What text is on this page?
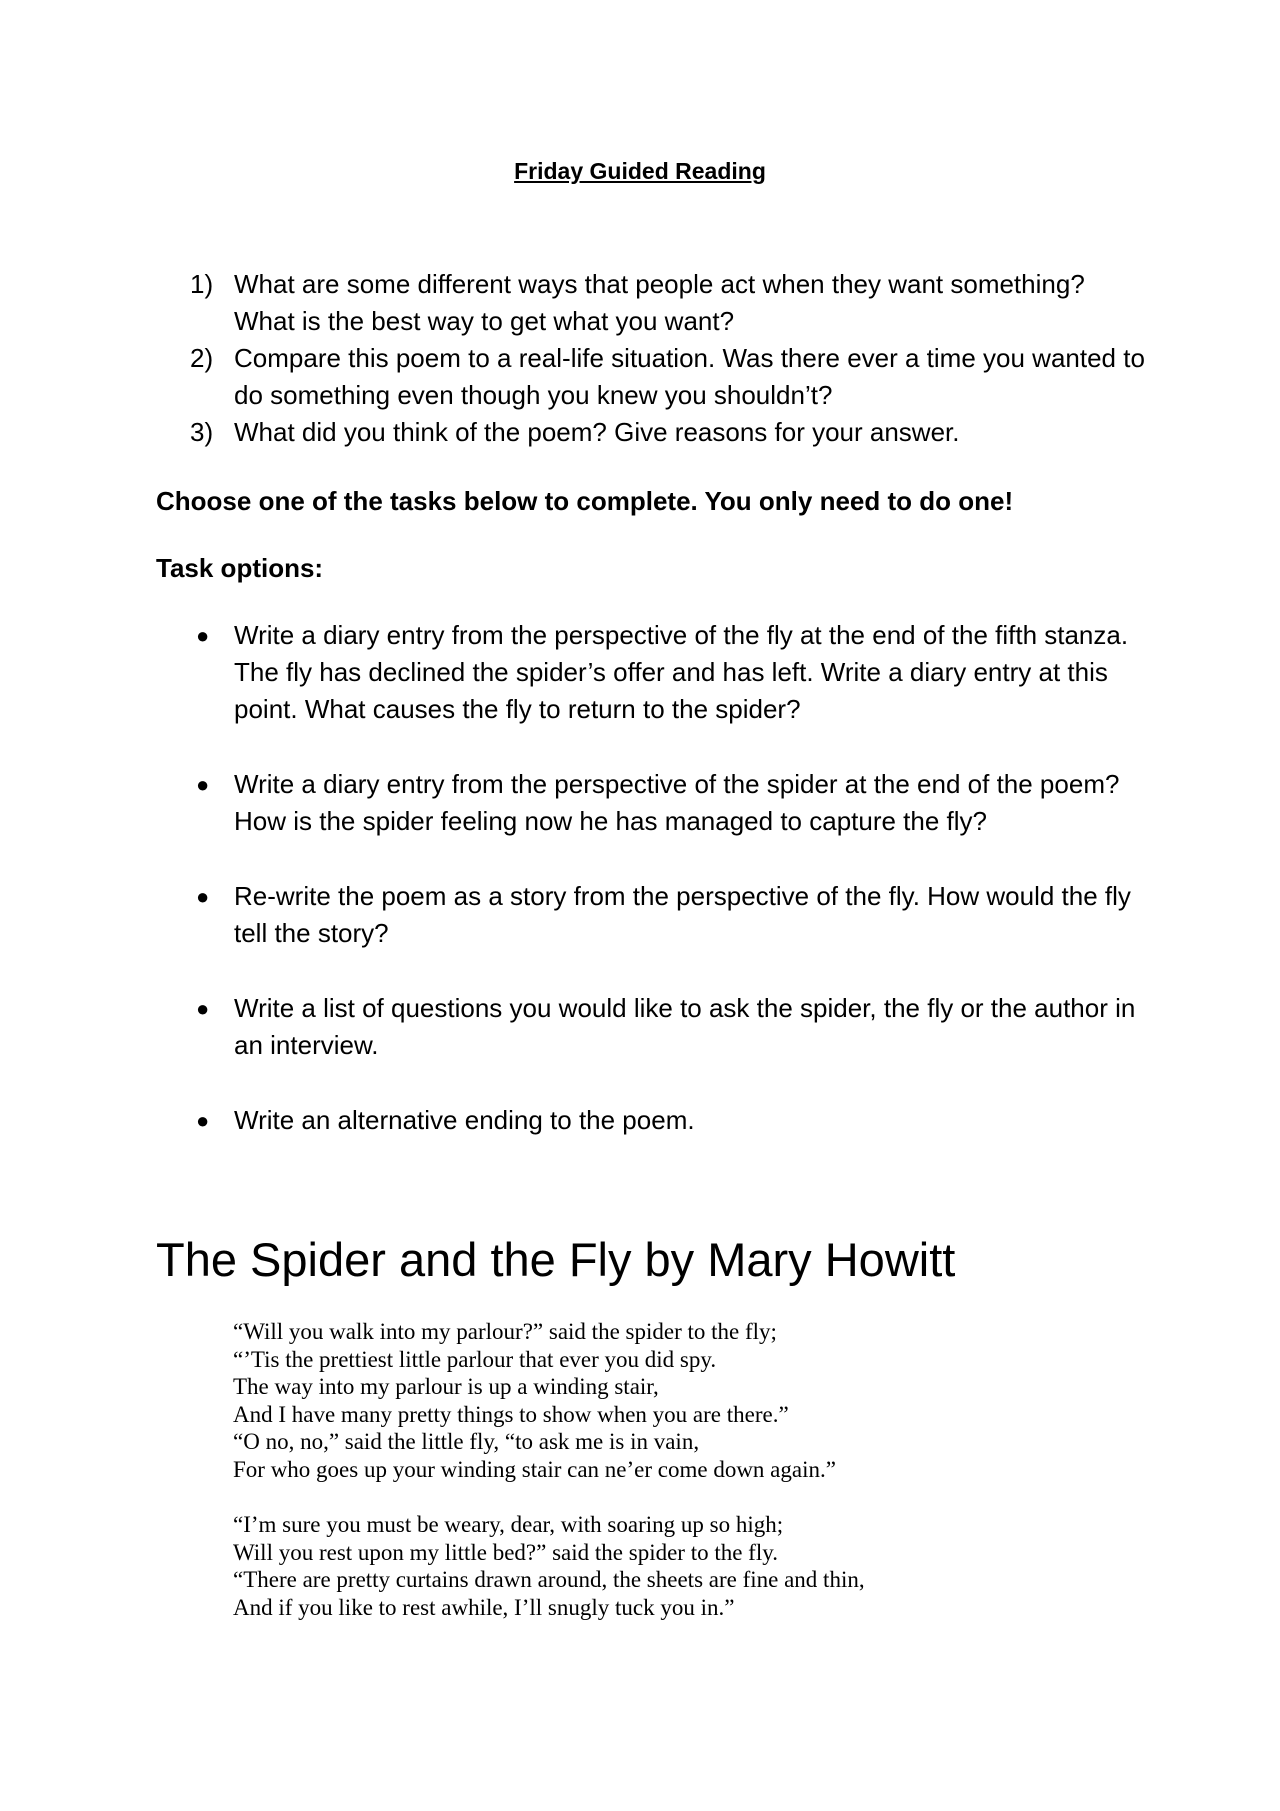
Friday Guided Reading
1) What are some different ways that people act when they want something? What is the best way to get what you want?
2) Compare this poem to a real-life situation. Was there ever a time you wanted to do something even though you knew you shouldn’t?
3) What did you think of the poem? Give reasons for your answer.
Choose one of the tasks below to complete. You only need to do one!
Task options:
● Write a diary entry from the perspective of the fly at the end of the fifth stanza. The fly has declined the spider’s offer and has left. Write a diary entry at this point. What causes the fly to return to the spider?
● Write a diary entry from the perspective of the spider at the end of the poem? How is the spider feeling now he has managed to capture the fly?
● Re-write the poem as a story from the perspective of the fly. How would the fly tell the story?
● Write a list of questions you would like to ask the spider, the fly or the author in an interview.
● Write an alternative ending to the poem.
The Spider and the Fly by Mary Howitt
“Will you walk into my parlour?” said the spider to the fly;
“’Tis the prettiest little parlour that ever you did spy.
The way into my parlour is up a winding stair,
And I have many pretty things to show when you are there.”
“O no, no,” said the little fly, “to ask me is in vain,
For who goes up your winding stair can ne’er come down again.”
“I’m sure you must be weary, dear, with soaring up so high;
Will you rest upon my little bed?” said the spider to the fly.
“There are pretty curtains drawn around, the sheets are fine and thin,
And if you like to rest awhile, I’ll snugly tuck you in.”
